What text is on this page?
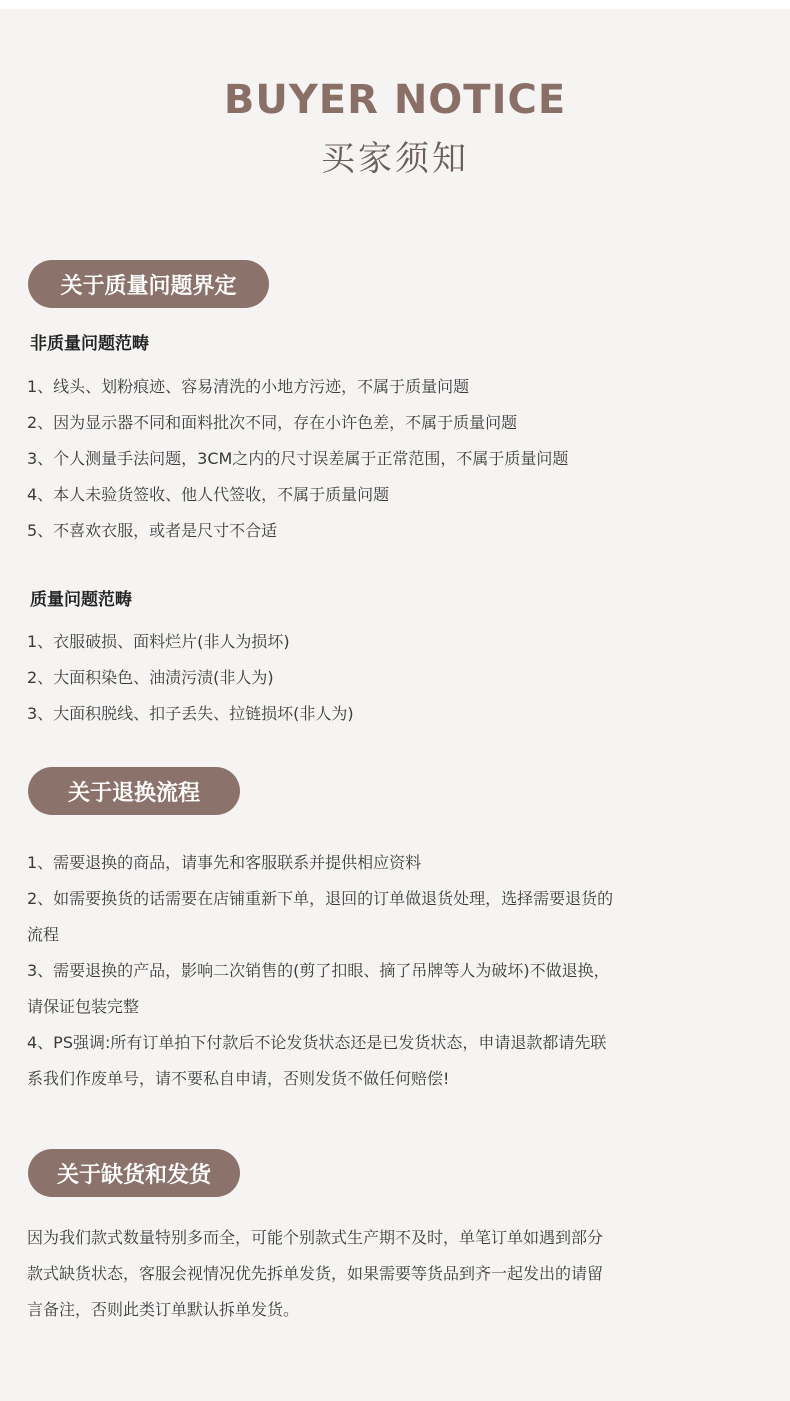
BUYER NOTICE
买家须知
关于质量问题界定
非质量问题范畴
1、线头、划粉痕迹、容易清洗的小地方污迹，不属于质量问题
2、因为显示器不同和面料批次不同，存在小许色差，不属于质量问题
3、个人测量手法问题，3CM之内的尺寸误差属于正常范围，不属于质量问题
4、本人未验货签收、他人代签收，不属于质量问题
5、不喜欢衣服，或者是尺寸不合适
质量问题范畴
1、衣服破损、面料烂片(非人为损坏)
2、大面积染色、油渍污渍(非人为)
3、大面积脱线、扣子丢失、拉链损坏(非人为)
关于退换流程
1、需要退换的商品，请事先和客服联系并提供相应资料
2、如需要换货的话需要在店铺重新下单，退回的订单做退货处理，选择需要退货的
流程
3、需要退换的产品，影响二次销售的(剪了扣眼、摘了吊牌等人为破坏)不做退换，
请保证包装完整
4、PS强调:所有订单拍下付款后不论发货状态还是已发货状态，申请退款都请先联
系我们作废单号，请不要私自申请，否则发货不做任何赔偿!
关于缺货和发货
因为我们款式数量特别多而全，可能个别款式生产期不及时，单笔订单如遇到部分
款式缺货状态，客服会视情况优先拆单发货，如果需要等货品到齐一起发出的请留
言备注，否则此类订单默认拆单发货。
